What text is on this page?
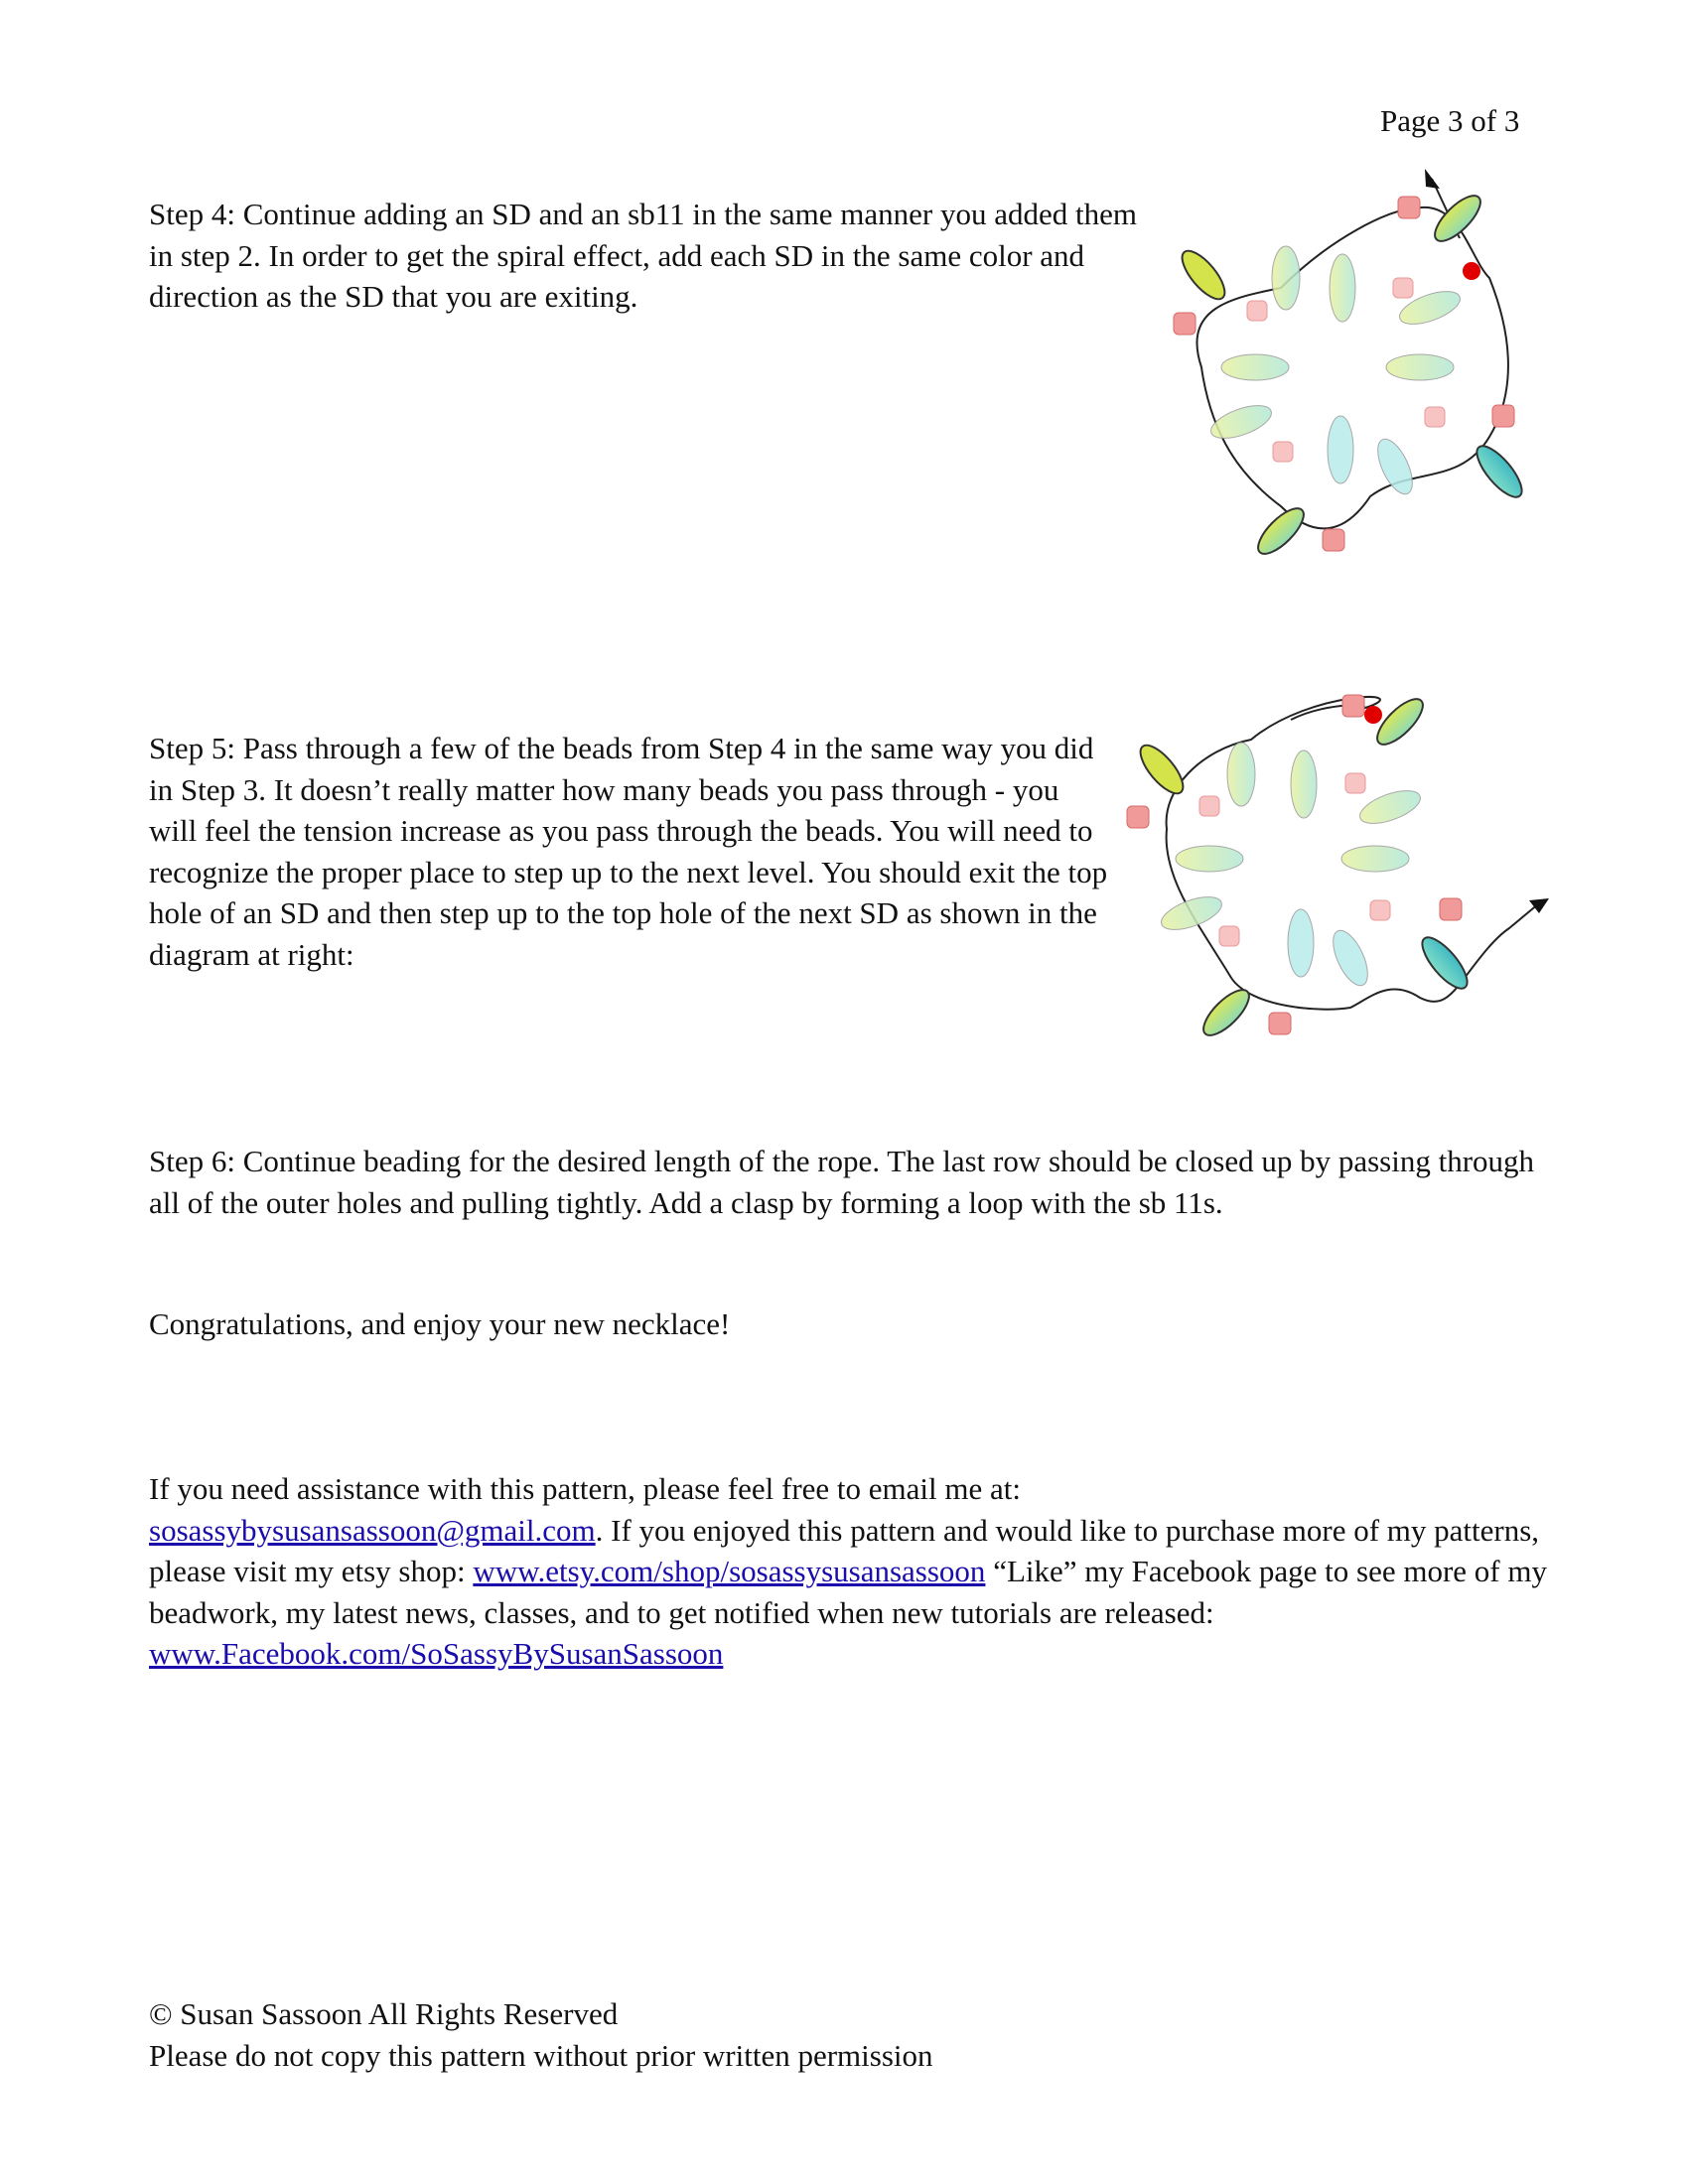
Page 3 of 3

Step 4: Continue adding an SD and an sb11 in the same manner you added them in step 2. In order to get the spiral effect, add each SD in the same color and direction as the SD that you are exiting.

Step 5: Pass through a few of the beads from Step 4 in the same way you did in Step 3. It doesn’t really matter how many beads you pass through - you will feel the tension increase as you pass through the beads. You will need to recognize the proper place to step up to the next level. You should exit the top hole of an SD and then step up to the top hole of the next SD as shown in the diagram at right:

Step 6: Continue beading for the desired length of the rope. The last row should be closed up by passing through all of the outer holes and pulling tightly. Add a clasp by forming a loop with the sb 11s.

Congratulations, and enjoy your new necklace!

If you need assistance with this pattern, please feel free to email me at:
sosassybysusansassoon@gmail.com. If you enjoyed this pattern and would like to purchase more of my patterns, please visit my etsy shop: www.etsy.com/shop/sosassysusansassoon “Like” my Facebook page to see more of my beadwork, my latest news, classes, and to get notified when new tutorials are released: www.Facebook.com/SoSassyBySusanSassoon

© Susan Sassoon All Rights Reserved
Please do not copy this pattern without prior written permission
